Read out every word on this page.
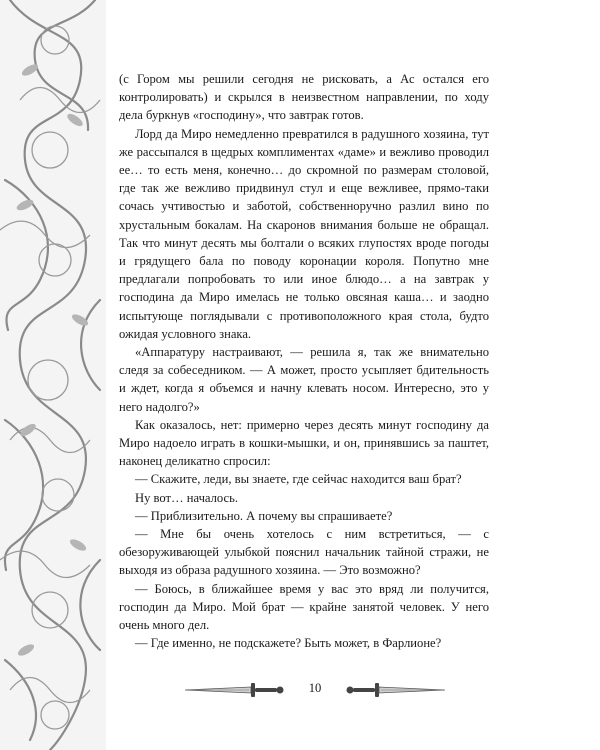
(с Гором мы решили сегодня не рисковать, а Ас остался его контролировать) и скрылся в неизвестном направлении, по ходу дела буркнув «господину», что завтрак готов.

Лорд да Миро немедленно превратился в радушного хозяина, тут же рассыпался в щедрых комплиментах «даме» и вежливо проводил ее… то есть меня, конечно… до скромной по размерам столовой, где так же вежливо придвинул стул и еще вежливее, прямо-таки сочась учтивостью и заботой, собственноручно разлил вино по хрустальным бокалам. На скаронов внимания больше не обращал. Так что минут десять мы болтали о всяких глупостях вроде погоды и грядущего бала по поводу коронации короля. Попутно мне предлагали попробовать то или иное блюдо… а на завтрак у господина да Миро имелась не только овсяная каша… и заодно испытующе поглядывали с противоположного края стола, будто ожидая условного знака.

«Аппаратуру настраивают, — решила я, так же внимательно следя за собеседником. — А может, просто усыпляет бдительность и ждет, когда я объемся и начну клевать носом. Интересно, это у него надолго?»

Как оказалось, нет: примерно через десять минут господину да Миро надоело играть в кошки-мышки, и он, принявшись за паштет, наконец деликатно спросил:

— Скажите, леди, вы знаете, где сейчас находится ваш брат?

Ну вот… началось.

— Приблизительно. А почему вы спрашиваете?

— Мне бы очень хотелось с ним встретиться, — с обезоруживающей улыбкой пояснил начальник тайной стражи, не выходя из образа радушного хозяина. — Это возможно?

— Боюсь, в ближайшее время у вас это вряд ли получится, господин да Миро. Мой брат — крайне занятой человек. У него очень много дел.

— Где именно, не подскажете? Быть может, в Фарлионе?

10
